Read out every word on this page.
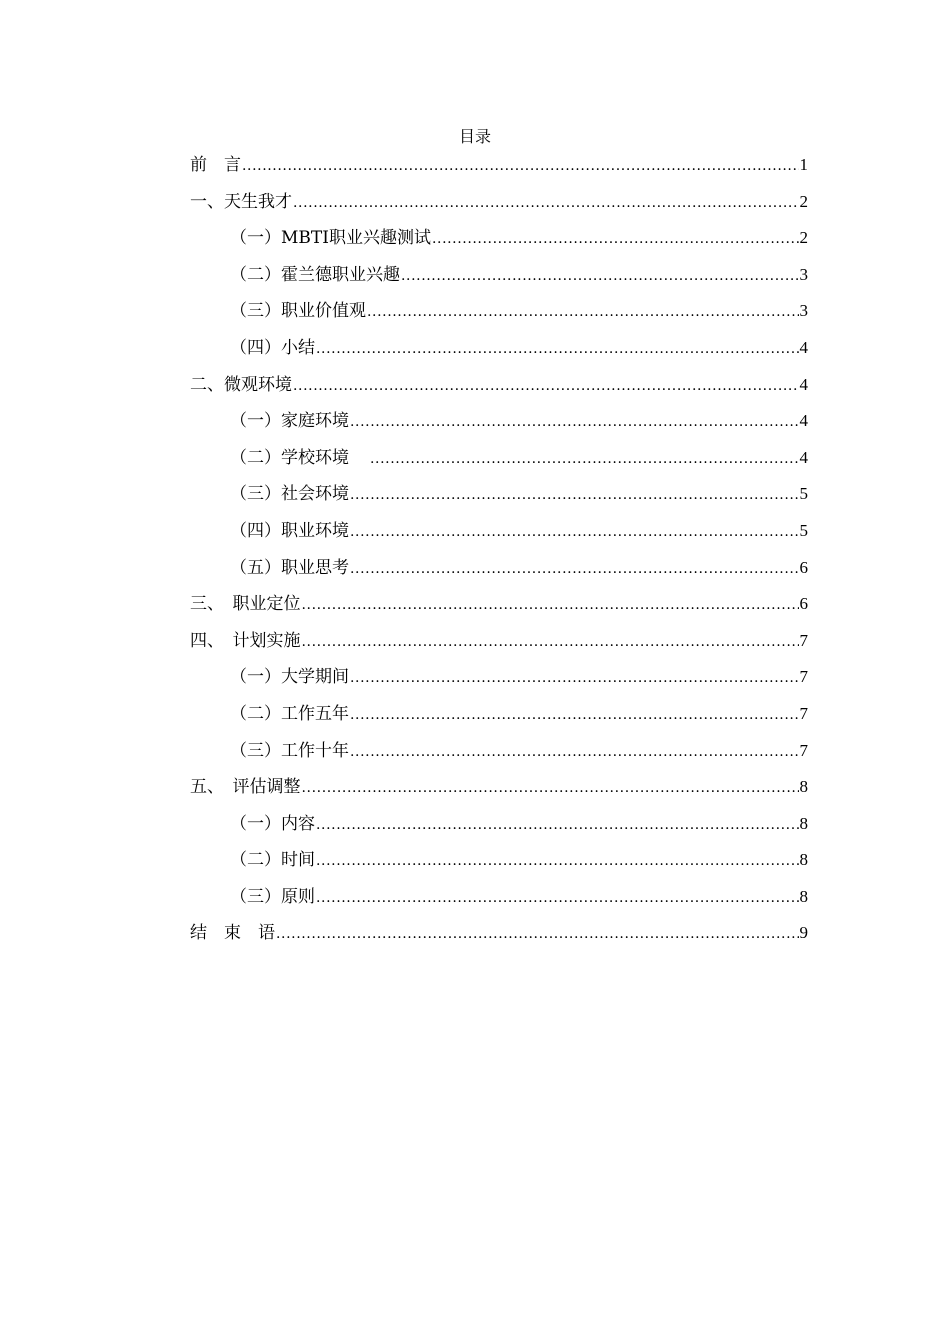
目录
前　言 .....	1
一、天生我才 .....	2
（一）MBTI职业兴趣测试 .....	2
（二）霍兰德职业兴趣 .....	3
（三）职业价值观 .....	3
（四）小结 .....	4
二、微观环境 .....	4
（一）家庭环境 .....	4
（二）学校环境 .....	4
（三）社会环境 .....	5
（四）职业环境 .....	5
（五）职业思考 .....	6
三、　职业定位 .....	6
四、　计划实施 .....	7
（一）大学期间 .....	7
（二）工作五年 .....	7
（三）工作十年 .....	7
五、　评估调整 .....	8
（一）内容 .....	8
（二）时间 .....	8
（三）原则 .....	8
结　束　语 .....	9
